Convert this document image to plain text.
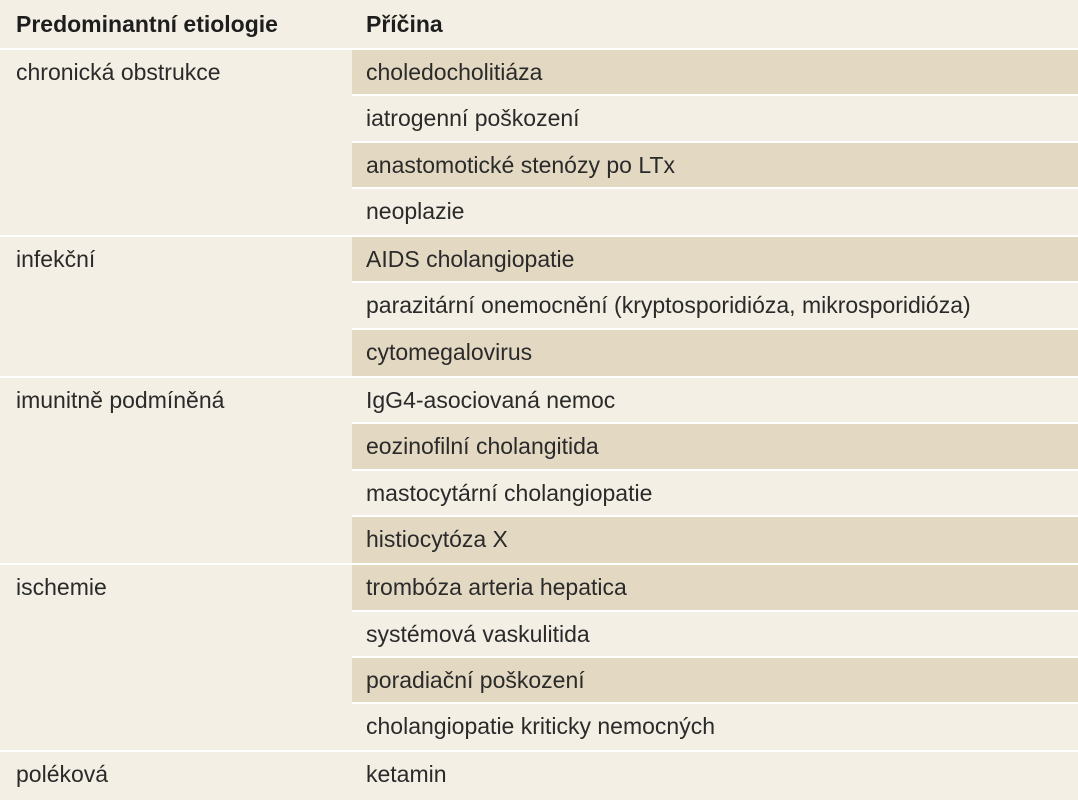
Predominantní etiologie	Příčina
chronická obstrukce	choledocholitiáza
iatrogenní poškození
anastomotické stenózy po LTx
neoplazie
infekční	AIDS cholangiopatie
parazitární onemocnění (kryptosporidióza, mikrosporidióza)
cytomegalovirus
imunitně podmíněná	IgG4-asociovaná nemoc
eozinofilní cholangitida
mastocytární cholangiopatie
histiocytóza X
ischemie	trombóza arteria hepatica
systémová vaskulitida
poradiační poškození
cholangiopatie kriticky nemocných
poléková	ketamin
